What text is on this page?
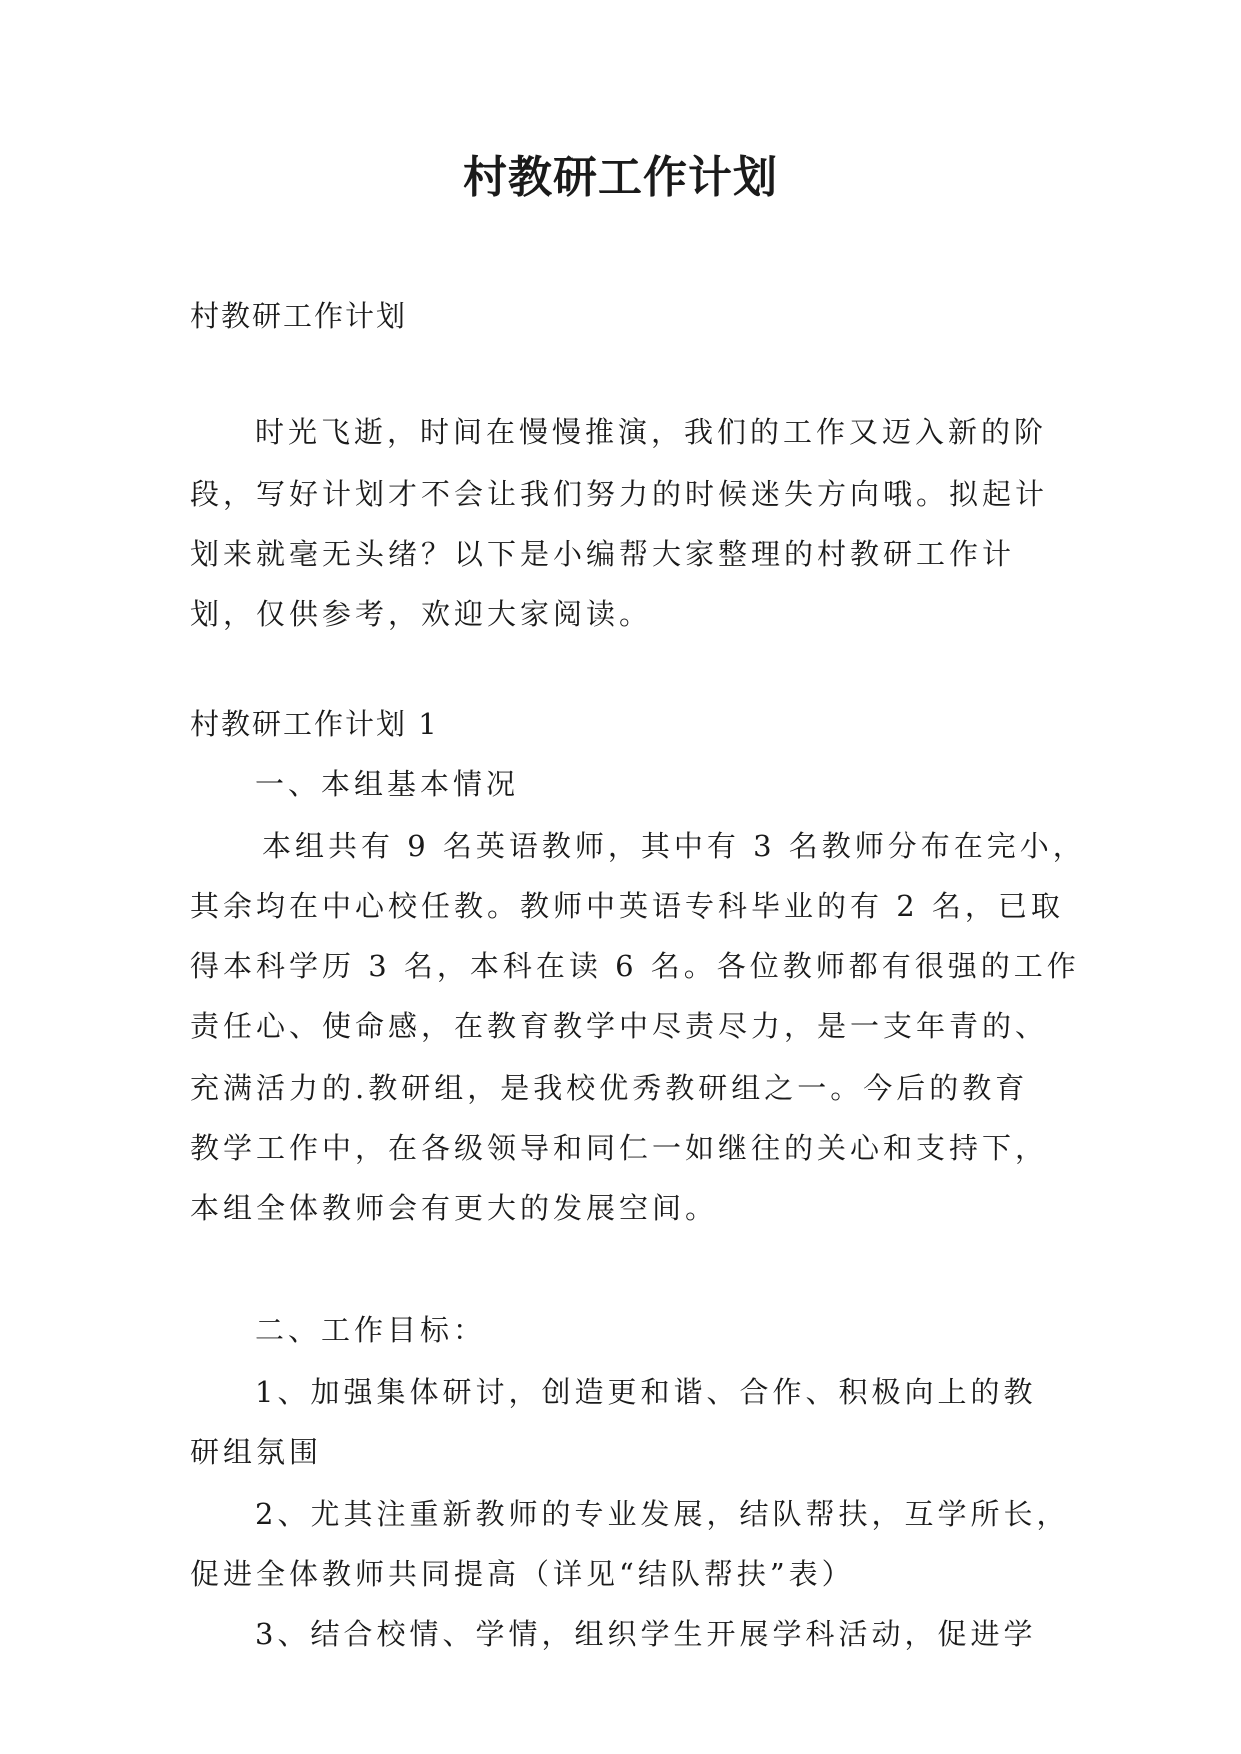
村教研工作计划
村教研工作计划
时光飞逝，时间在慢慢推演，我们的工作又迈入新的阶
段，写好计划才不会让我们努力的时候迷失方向哦。拟起计
划来就毫无头绪？以下是小编帮大家整理的村教研工作计
划，仅供参考，欢迎大家阅读。
村教研工作计划 1
一、本组基本情况
本组共有 9 名英语教师，其中有 3 名教师分布在完小，
其余均在中心校任教。教师中英语专科毕业的有 2 名，已取
得本科学历 3 名，本科在读 6 名。各位教师都有很强的工作
责任心、使命感，在教育教学中尽责尽力，是一支年青的、
充满活力的.教研组，是我校优秀教研组之一。今后的教育
教学工作中，在各级领导和同仁一如继往的关心和支持下，
本组全体教师会有更大的发展空间。
二、工作目标：
1、加强集体研讨，创造更和谐、合作、积极向上的教
研组氛围
2、尤其注重新教师的专业发展，结队帮扶，互学所长，
促进全体教师共同提高（详见“结队帮扶”表）
3、结合校情、学情，组织学生开展学科活动，促进学
